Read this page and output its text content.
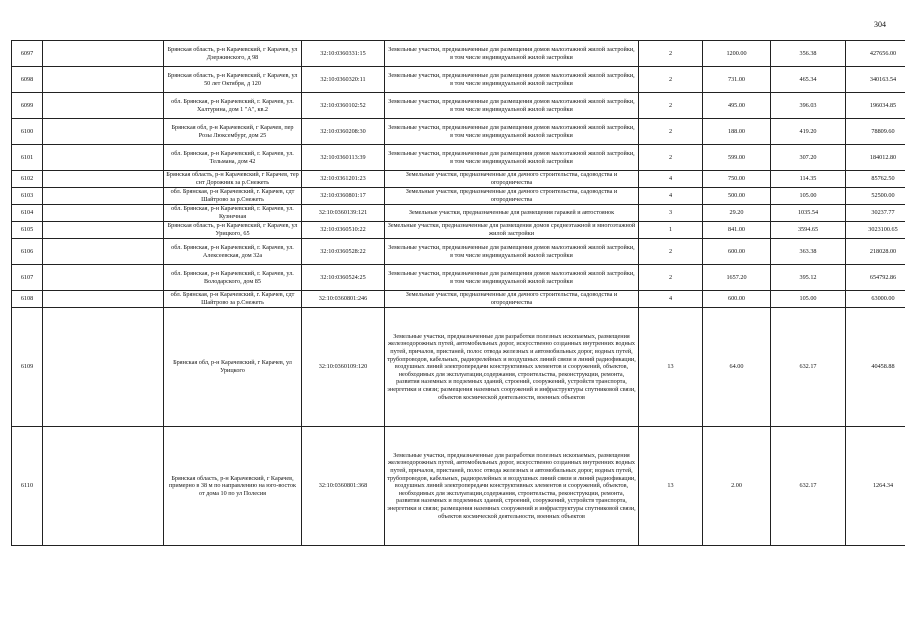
304
6097		Брянская область, р-н Карачевский, г Карачев, ул Дзержинского, д 98	32:10:0360331:15	Земельные участки, предназначенные для размещения домов малоэтажной жилой застройки, в том числе индивидуальной жилой застройки	2	1200.00	356.38	427656.00
6098		Брянская область, р-н Карачевский, г Карачев, ул 50 лет Октября, д 120	32:10:0360320:11	Земельные участки, предназначенные для размещения домов малоэтажной жилой застройки, в том числе индивидуальной жилой застройки	2	731.00	465.34	340163.54
6099		обл. Брянская, р-н Карачевский, г. Карачев, ул. Халтурина, дом 1 "А", кв.2	32:10:0360102:52	Земельные участки, предназначенные для размещения домов малоэтажной жилой застройки, в том числе индивидуальной жилой застройки	2	495.00	396.03	196034.85
6100		Брянская обл, р-н Карачевский, г Карачев, пер Розы Люксембург, дом 25	32:10:0360208:30	Земельные участки, предназначенные для размещения домов малоэтажной жилой застройки, в том числе индивидуальной жилой застройки	2	188.00	419.20	78809.60
6101		обл. Брянская, р-н Карачевский, г. Карачев, ул. Тельмана, дом 42	32:10:0360113:39	Земельные участки, предназначенные для размещения домов малоэтажной жилой застройки, в том числе индивидуальной жилой застройки	2	599.00	307.20	184012.80
6102		Брянская область, р-н Карачевский, г Карачев, тер снт Дорожник за р.Снежеть	32:10:0361201:23	Земельные участки, предназначенные для дачного строительства, садоводства и огородничества	4	750.00	114.35	85762.50
6103		обл. Брянская, р-н Карачевский, г. Карачев, сдт Шайтрово за р.Снежеть	32:10:0360801:17	Земельные участки, предназначенные для дачного строительства, садоводства и огородничества	4	500.00	105.00	52500.00
6104		обл. Брянская, р-н Карачевский, г. Карачев, ул. Кузнечная	32:10:0360139:121	Земельные участки, предназначенные для размещения гаражей и автостоянок	3	29.20	1035.54	30237.77
6105		Брянская область, р-н Карачевский, г Карачев, ул Урицкого, 65	32:10:0360510:22	Земельные участки, предназначенные для размещения домов среднеэтажной и многоэтажной жилой застройки	1	841.00	3594.65	3023100.65
6106		обл. Брянская, р-н Карачевский, г. Карачев, ул. Алексеевская, дом 32а	32:10:0360528:22	Земельные участки, предназначенные для размещения домов малоэтажной жилой застройки, в том числе индивидуальной жилой застройки	2	600.00	363.38	218028.00
6107		обл. Брянская, р-н Карачевский, г. Карачев, ул. Володарского, дом 85	32:10:0360524:25	Земельные участки, предназначенные для размещения домов малоэтажной жилой застройки, в том числе индивидуальной жилой застройки	2	1657.20	395.12	654792.86
6108		обл. Брянская, р-н Карачевский, г. Карачев, сдт Шайтрово за р.Снежеть	32:10:0360801:246	Земельные участки, предназначенные для дачного строительства, садоводства и огородничества	4	600.00	105.00	63000.00
6109		Брянская обл, р-н Карачевский, г Карачев, ул Урицкого	32:10:0360109:120	Земельные участки, предназначенные для разработки полезных ископаемых, размещения железнодорожных путей, автомобильных дорог, искусственно созданных внутренних водных путей, причалов, пристаней, полос отвода железных и автомобильных дорог, водных путей, трубопроводов, кабельных, радиорелейных и воздушных линий связи и линий радиофикации, воздушных линий электропередачи конструктивных элементов и сооружений, объектов, необходимых для эксплуатации,содержания, строительства, реконструкции, ремонта, развития наземных и подземных зданий, строений, сооружений, устройств транспорта, энергетики и связи; размещения наземных сооружений и инфраструктуры спутниковой связи, объектов космической деятельности, военных объектов	13	64.00	632.17	40458.88
6110		Брянская область, р-н Карачевский, г Карачев, примерно в 38 м по направлению на юго-восток от дома 10 по ул Полесия	32:10:0360801:368	Земельные участки, предназначенные для разработки полезных ископаемых, размещения железнодорожных путей, автомобильных дорог, искусственно созданных внутренних водных путей, причалов, пристаней, полос отвода железных и автомобильных дорог, водных путей, трубопроводов, кабельных, радиорелейных и воздушных линий связи и линий радиофикации, воздушных линий электропередачи конструктивных элементов и сооружений, объектов, необходимых для эксплуатации,содержания, строительства, реконструкции, ремонта, развития наземных и подземных зданий, строений, сооружений, устройств транспорта, энергетики и связи; размещения наземных сооружений и инфраструктуры спутниковой связи, объектов космической деятельности, военных объектов	13	2.00	632.17	1264.34
